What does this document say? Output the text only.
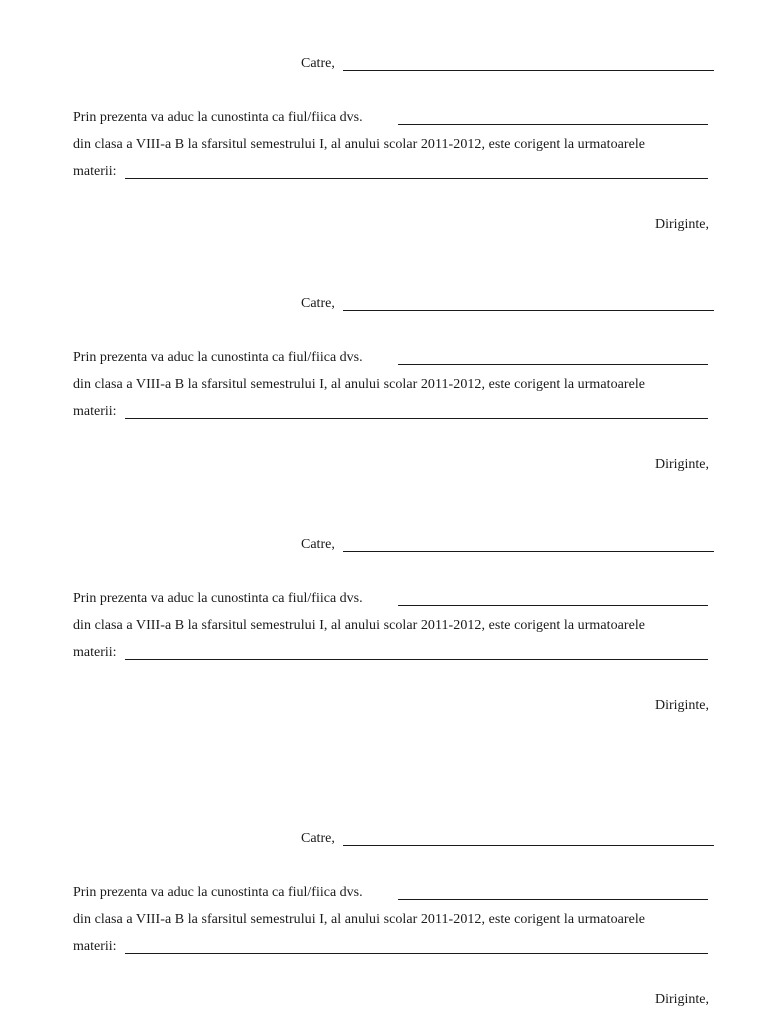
Catre,
Prin prezenta va aduc la cunostinta ca fiul/fiica dvs.
din clasa a VIII-a B la sfarsitul semestrului I, al anului scolar 2011-2012, este corigent la urmatoarele
materii:
Diriginte,
Catre,
Prin prezenta va aduc la cunostinta ca fiul/fiica dvs.
din clasa a VIII-a B la sfarsitul semestrului I, al anului scolar 2011-2012, este corigent la urmatoarele
materii:
Diriginte,
Catre,
Prin prezenta va aduc la cunostinta ca fiul/fiica dvs.
din clasa a VIII-a B la sfarsitul semestrului I, al anului scolar 2011-2012, este corigent la urmatoarele
materii:
Diriginte,
Catre,
Prin prezenta va aduc la cunostinta ca fiul/fiica dvs.
din clasa a VIII-a B la sfarsitul semestrului I, al anului scolar 2011-2012, este corigent la urmatoarele
materii:
Diriginte,
